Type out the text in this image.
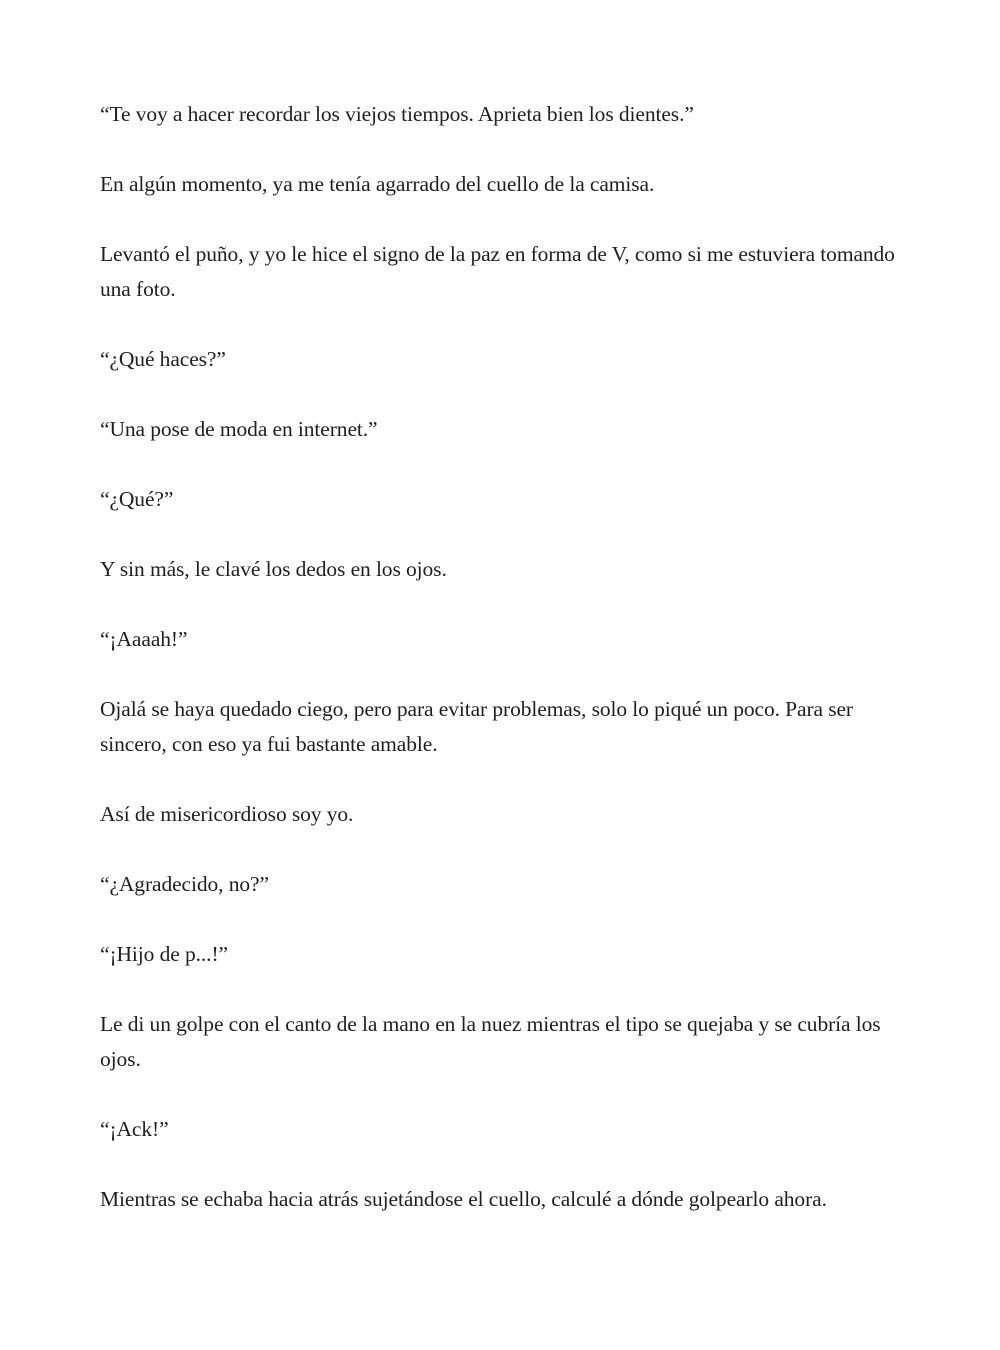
“Te voy a hacer recordar los viejos tiempos. Aprieta bien los dientes.”

En algún momento, ya me tenía agarrado del cuello de la camisa.

Levantó el puño, y yo le hice el signo de la paz en forma de V, como si me estuviera tomando una foto.

“¿Qué haces?”

“Una pose de moda en internet.”

“¿Qué?”

Y sin más, le clavé los dedos en los ojos.

“¡Aaaah!”

Ojalá se haya quedado ciego, pero para evitar problemas, solo lo piqué un poco. Para ser sincero, con eso ya fui bastante amable.

Así de misericordioso soy yo.

“¿Agradecido, no?”

“¡Hijo de p...!”

Le di un golpe con el canto de la mano en la nuez mientras el tipo se quejaba y se cubría los ojos.

“¡Ack!”

Mientras se echaba hacia atrás sujetándose el cuello, calculé a dónde golpearlo ahora.
